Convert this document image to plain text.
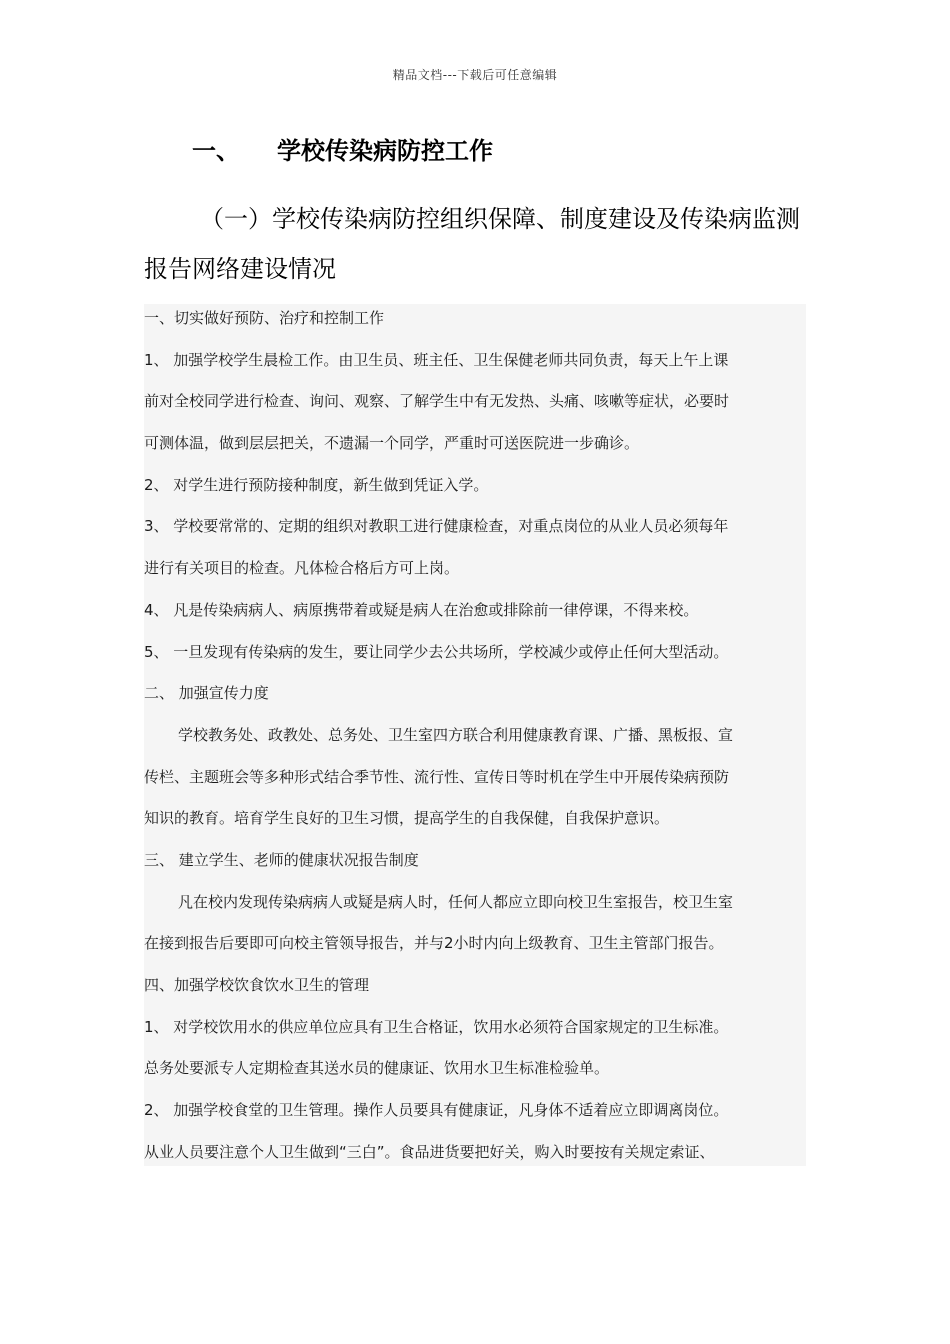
精品文档---下载后可任意编辑
一、 学校传染病防控工作
（一）学校传染病防控组织保障、制度建设及传染病监测报告网络建设情况
一、切实做好预防、治疗和控制工作
1、 加强学校学生晨检工作。由卫生员、班主任、卫生保健老师共同负责，每天上午上课
前对全校同学进行检查、询问、观察、了解学生中有无发热、头痛、咳嗽等症状，必要时
可测体温，做到层层把关，不遗漏一个同学，严重时可送医院进一步确诊。
2、 对学生进行预防接种制度，新生做到凭证入学。
3、 学校要常常的、定期的组织对教职工进行健康检查，对重点岗位的从业人员必须每年
进行有关项目的检查。凡体检合格后方可上岗。
4、 凡是传染病病人、病原携带着或疑是病人在治愈或排除前一律停课，不得来校。
5、 一旦发现有传染病的发生，要让同学少去公共场所，学校减少或停止任何大型活动。
二、 加强宣传力度
学校教务处、政教处、总务处、卫生室四方联合利用健康教育课、广播、黑板报、宣
传栏、主题班会等多种形式结合季节性、流行性、宣传日等时机在学生中开展传染病预防
知识的教育。培育学生良好的卫生习惯，提高学生的自我保健，自我保护意识。
三、 建立学生、老师的健康状况报告制度
凡在校内发现传染病病人或疑是病人时，任何人都应立即向校卫生室报告，校卫生室
在接到报告后要即可向校主管领导报告，并与2小时内向上级教育、卫生主管部门报告。
四、加强学校饮食饮水卫生的管理
1、 对学校饮用水的供应单位应具有卫生合格证，饮用水必须符合国家规定的卫生标准。
总务处要派专人定期检查其送水员的健康证、饮用水卫生标准检验单。
2、 加强学校食堂的卫生管理。操作人员要具有健康证，凡身体不适着应立即调离岗位。
从业人员要注意个人卫生做到“三白”。食品进货要把好关，购入时要按有关规定索证、
